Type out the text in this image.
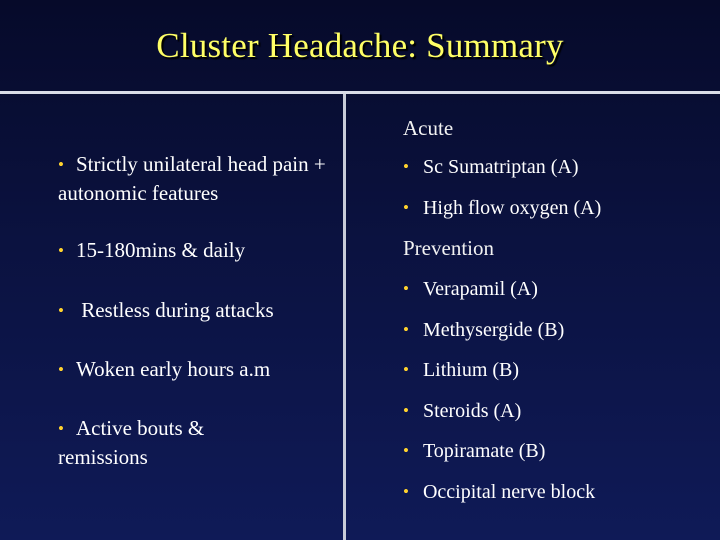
Cluster Headache: Summary
• Strictly unilateral head pain + autonomic features
• 15-180mins & daily
• Restless during attacks
• Woken early hours a.m
• Active bouts & remissions
Acute
• Sc Sumatriptan (A)
• High flow oxygen (A)
Prevention
• Verapamil (A)
• Methysergide (B)
• Lithium (B)
• Steroids (A)
• Topiramate (B)
• Occipital nerve block
